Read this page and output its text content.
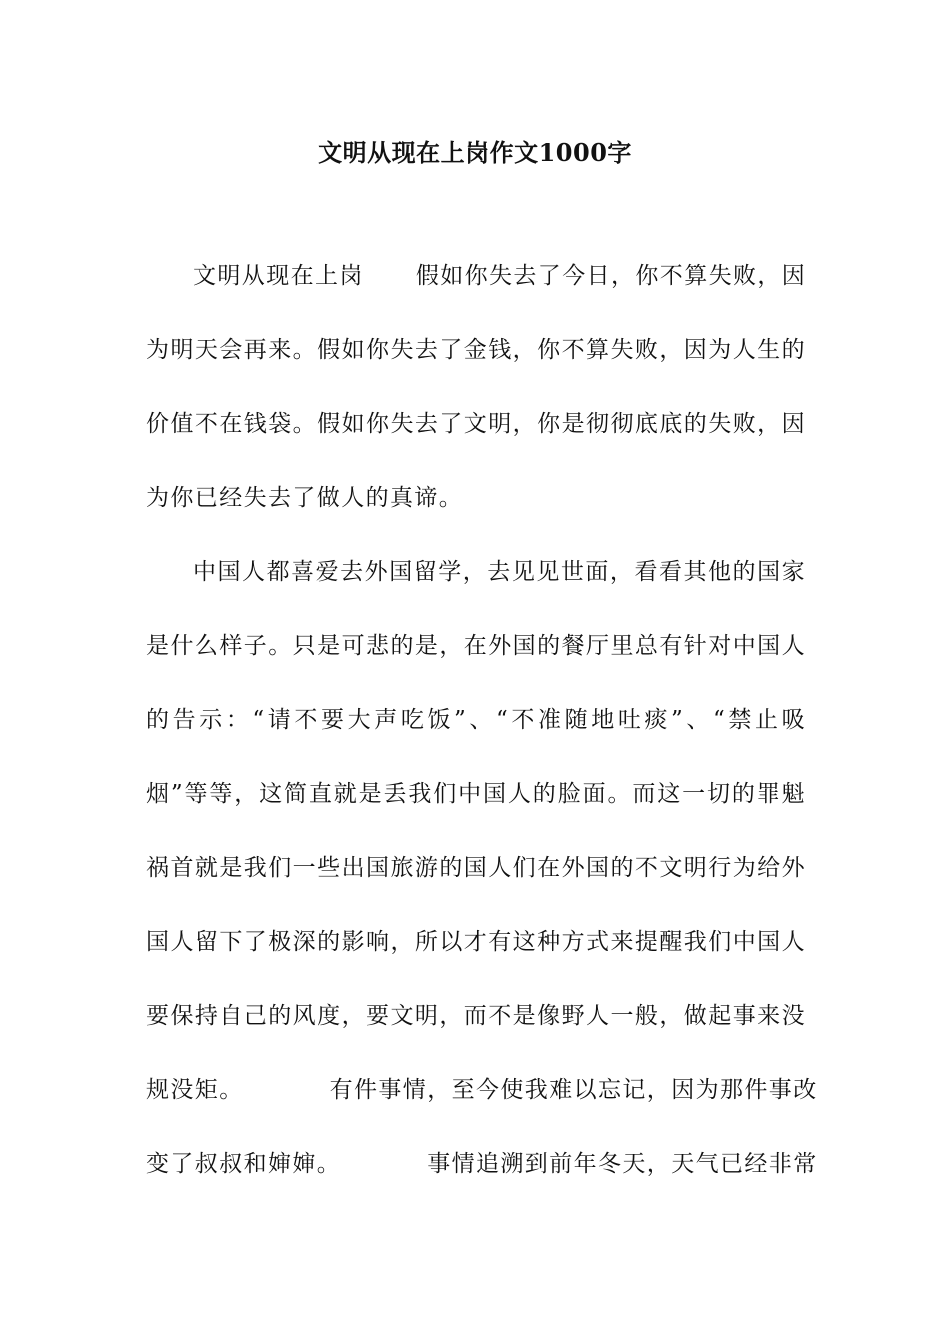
文明从现在上岗作文1000字
文明从现在上岗 假如你失去了今日，你不算失败，因
为明天会再来。假如你失去了金钱，你不算失败，因为人生的
价值不在钱袋。假如你失去了文明，你是彻彻底底的失败，因
为你已经失去了做人的真谛。
中国人都喜爱去外国留学，去见见世面，看看其他的国家
是什么样子。只是可悲的是，在外国的餐厅里总有针对中国人
的告示：“请不要大声吃饭”、“不准随地吐痰”、“禁止吸
烟”等等，这简直就是丢我们中国人的脸面。而这一切的罪魁
祸首就是我们一些出国旅游的国人们在外国的不文明行为给外
国人留下了极深的影响，所以才有这种方式来提醒我们中国人
要保持自己的风度，要文明，而不是像野人一般，做起事来没
规没矩。	有件事情，至今使我难以忘记，因为那件事改
变了叔叔和婶婶。	事情追溯到前年冬天，天气已经非常
